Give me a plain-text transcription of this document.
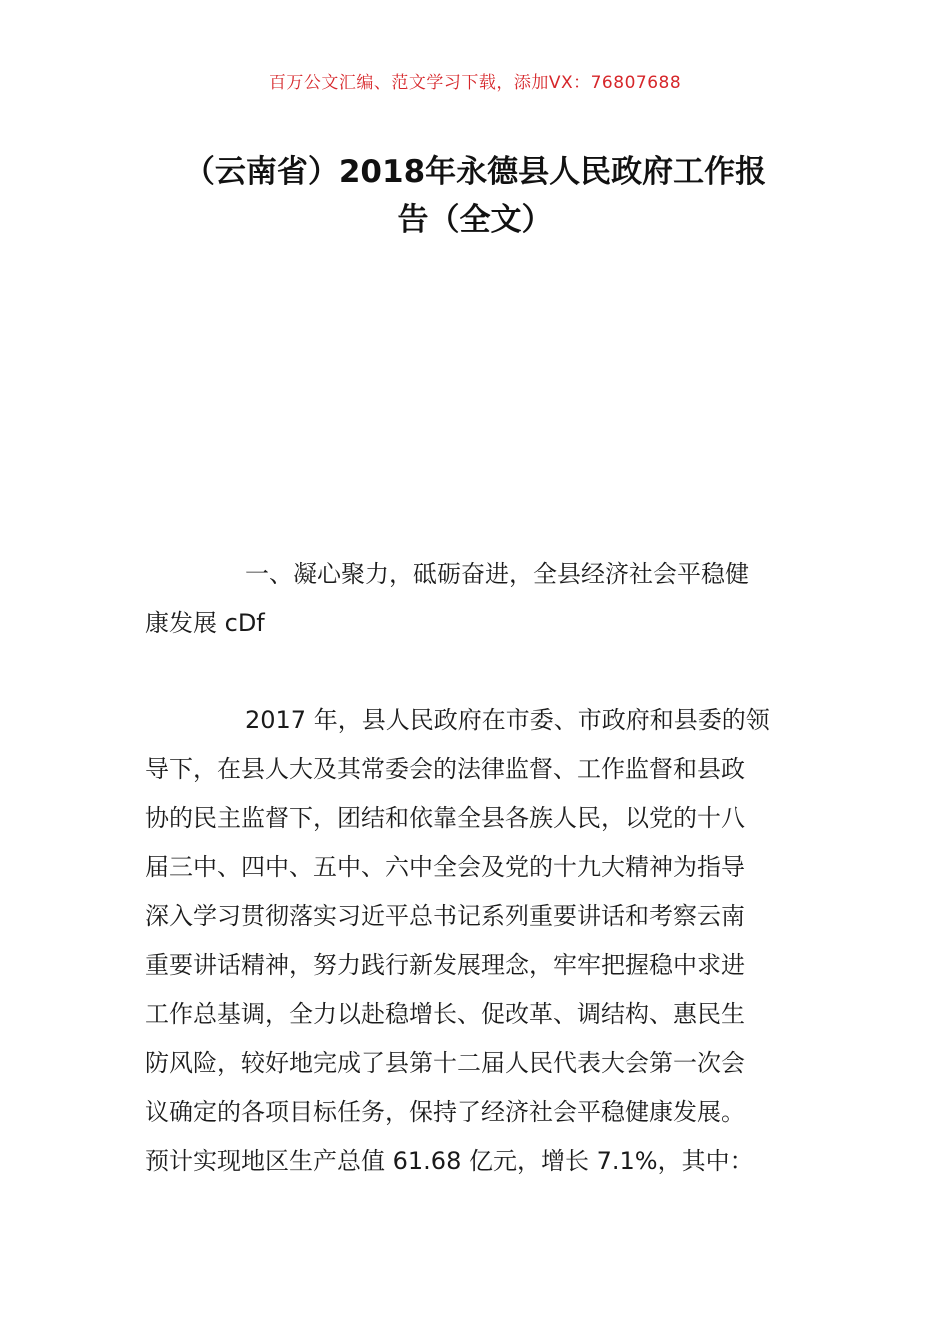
百万公文汇编、范文学习下载，添加VX：76807688
（云南省）2018年永德县人民政府工作报
告（全文）
一、凝心聚力，砥砺奋进，全县经济社会平稳健
康发展 cDf
2017 年，县人民政府在市委、市政府和县委的领
导下，在县人大及其常委会的法律监督、工作监督和县政
协的民主监督下，团结和依靠全县各族人民，以党的十八
届三中、四中、五中、六中全会及党的十九大精神为指导
深入学习贯彻落实习近平总书记系列重要讲话和考察云南
重要讲话精神，努力践行新发展理念，牢牢把握稳中求进
工作总基调，全力以赴稳增长、促改革、调结构、惠民生
防风险，较好地完成了县第十二届人民代表大会第一次会
议确定的各项目标任务，保持了经济社会平稳健康发展。
预计实现地区生产总值 61.68 亿元，增长 7.1%，其中：
